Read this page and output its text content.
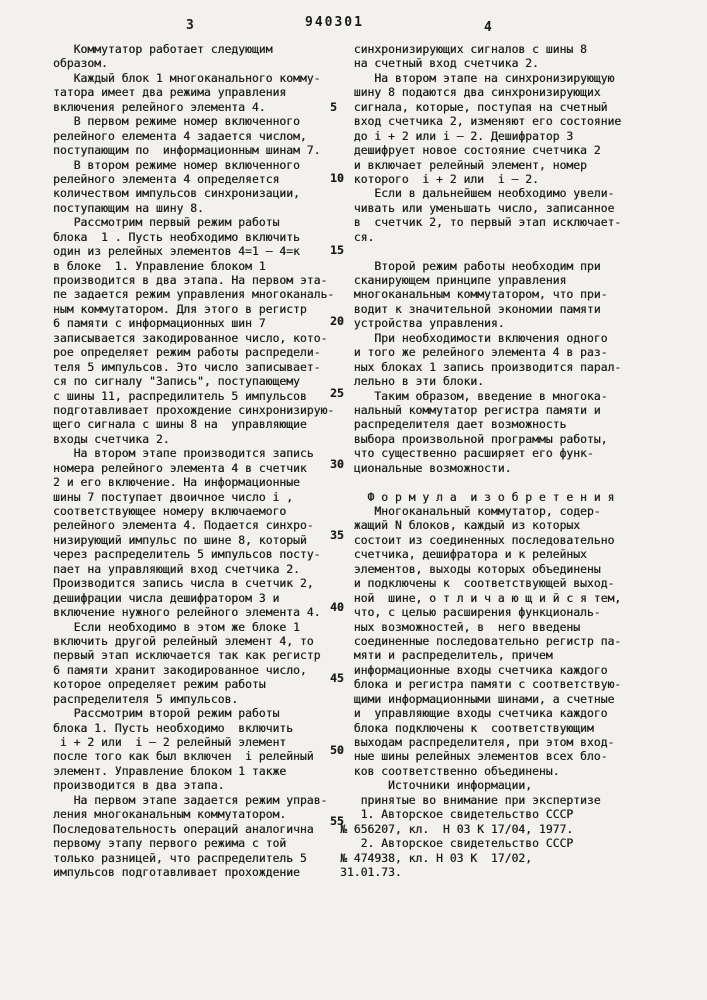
3	940301	4
Коммутатор работает следующим
образом.
Каждый блок 1 многоканального комму-
татора имеет два режима управления
включения релейного элемента 4.
В первом режиме номер включенного
релейного елемента 4 задается числом,
поступающим по  информационным шинам 7.
В втором режиме номер включенного
релейного элемента 4 определяется
количеством импульсов синхронизации,
поступающим на шину 8.
Рассмотрим первый режим работы
блока  1 . Пусть необходимо включить
один из релейных элементов 4=1 – 4=к
в блоке  1. Управление блоком 1
производится в два этапа. На первом эта-
пе задается режим управления многоканаль-
ным коммутатором. Для этого в регистр
6 памяти с информационных шин 7
записывается закодированное число, кото-
рое определяет режим работы распредели-
теля 5 импульсов. Это число записывает-
ся по сигналу "Запись", поступающему
с шины 11, распредилитель 5 импульсов
подготавливает прохождение синхронизирую-
щего сигнала с шины 8 на  управляющие
входы счетчика 2.
На втором этапе производится запись
номера релейного элемента 4 в счетчик
2 и его включение. На информационные
шины 7 поступает двоичное число i ,
соответствующее номеру включаемого
релейного элемента 4. Подается синхро-
низирующий импульс по шине 8, который
через распределитель 5 импульсов посту-
пает на управляющий вход счетчика 2.
Производится запись числа в счетчик 2,
дешифрации числа дешифратором 3 и
включение нужного релейного элемента 4.
Если необходимо в этом же блоке 1
включить другой релейный элемент 4, то
первый этап исключается так как регистр
6 памяти хранит закодированное число,
которое определяет режим работы
распределителя 5 импульсов.
Рассмотрим второй режим работы
блока 1. Пусть необходимо  включить
i + 2 или  i – 2 релейный элемент
после того как был включен  i релейный
элемент. Управление блоком 1 также
производится в два этапа.
На первом этапе задается режим управ-
ления многоканальным коммутатором.
Последовательность операций аналогична
первому этапу первого режима с той
только разницей, что распределитель 5
импульсов подготавливает прохождение
5
10
15
20
25
30
35
40
45
50
55
синхронизирующих сигналов с шины 8
на счетный вход счетчика 2.
На втором этапе на синхронизирующую
шину 8 подаются два синхронизирующих
сигнала, которые, поступая на счетный
вход счетчика 2, изменяют его состояние
до i + 2 или i – 2. Дешифратор 3
дешифрует новое состояние счетчика 2
и включает релейный элемент, номер
которого  i + 2 или  i – 2.
Если в дальнейшем необходимо увели-
чивать или уменьшать число, записанное
в  счетчик 2, то первый этап исключает-
ся.
Второй режим работы необходим при
сканирующем принципе управления
многоканальным коммутатором, что при-
водит к значительной экономии памяти
устройства управления.
При необходимости включения одного
и того же релейного элемента 4 в раз-
ных блоках 1 запись производится парал-
лельно в эти блоки.
Таким образом, введение в многока-
нальный коммутатор регистра памяти и
распределителя дает возможность
выбора произвольной программы работы,
что существенно расширяет его функ-
циональные возможности.
Ф о р м у л а  и з о б р е т е н и я
Многоканальный коммутатор, содер-
жащий N блоков, каждый из которых
состоит из соединенных последовательно
счетчика, дешифратора и к релейных
элементов, выходы которых объединены
и подключены к  соответствующей выход-
ной  шине, о т л и ч а ю щ и й с я тем,
что, с целью расширения функциональ-
ных возможностей, в  него введены
соединенные последовательно регистр па-
мяти и распределитель, причем
информационные входы счетчика каждого
блока и регистра памяти с соответствую-
щими информационными шинами, а счетные
и  управляющие входы счетчика каждого
блока подключены к  соответствующим
выходам распределителя, при этом вход-
ные шины релейных элементов всех бло-
ков соответственно объединены.
Источники информации,
принятые во внимание при экспертизе
1. Авторское свидетельство СССР
№ 656207, кл.  Н 03 К 17/04, 1977.
2. Авторское свидетельство СССР
№ 474938, кл. Н 03 К  17/02,
31.01.73.
